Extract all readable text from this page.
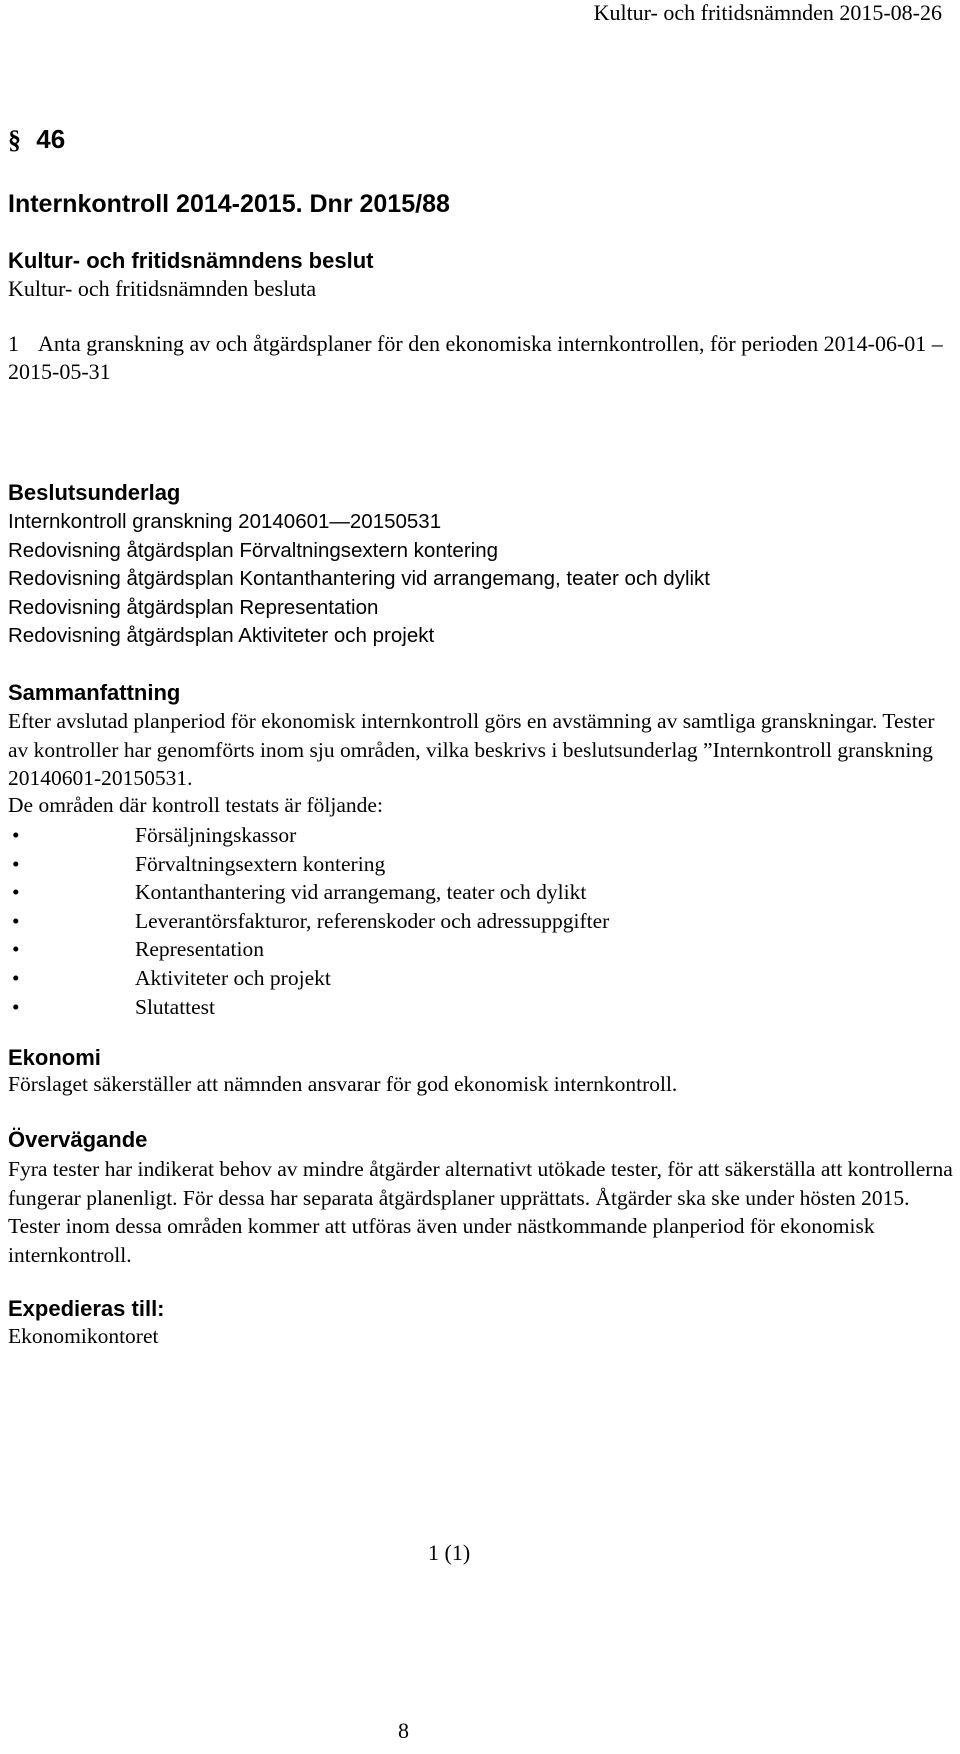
Kultur- och fritidsnämnden 2015-08-26
§ 46
Internkontroll 2014-2015. Dnr 2015/88
Kultur- och fritidsnämndens beslut
Kultur- och fritidsnämnden besluta
1 Anta granskning av och åtgärdsplaner för den ekonomiska internkontrollen, för perioden 2014-06-01 – 2015-05-31
Beslutsunderlag
Internkontroll granskning 20140601—20150531
Redovisning åtgärdsplan Förvaltningsextern kontering
Redovisning åtgärdsplan Kontanthantering vid arrangemang, teater och dylikt
Redovisning åtgärdsplan Representation
Redovisning åtgärdsplan Aktiviteter och projekt
Sammanfattning
Efter avslutad planperiod för ekonomisk internkontroll görs en avstämning av samtliga granskningar. Tester av kontroller har genomförts inom sju områden, vilka beskrivs i beslutsunderlag ”Internkontroll granskning 20140601-20150531.
De områden där kontroll testats är följande:
•	Försäljningskassor
•	Förvaltningsextern kontering
•	Kontanthantering vid arrangemang, teater och dylikt
•	Leverantörsfakturor, referenskoder och adressuppgifter
•	Representation
•	Aktiviteter och projekt
•	Slutattest
Ekonomi
Förslaget säkerställer att nämnden ansvarar för god ekonomisk internkontroll.
Övervägande
Fyra tester har indikerat behov av mindre åtgärder alternativt utökade tester, för att säkerställa att kontrollerna fungerar planenligt. För dessa har separata åtgärdsplaner upprättats. Åtgärder ska ske under hösten 2015. Tester inom dessa områden kommer att utföras även under nästkommande planperiod för ekonomisk internkontroll.
Expedieras till:
Ekonomikontoret
1 (1)
8
